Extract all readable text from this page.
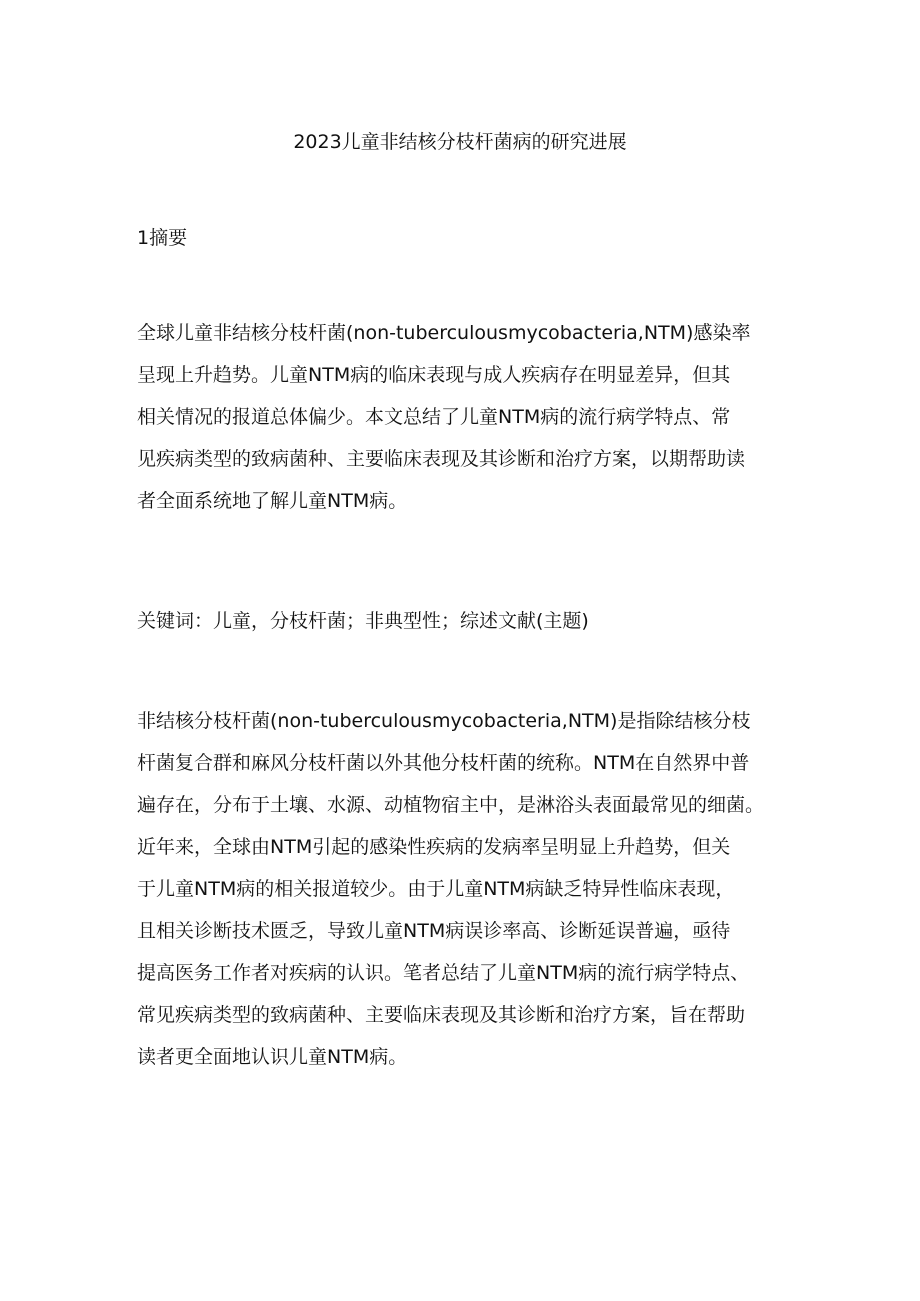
2023儿童非结核分枝杆菌病的研究进展
1摘要
全球儿童非结核分枝杆菌(non-tuberculousmycobacteria,NTM)感染率
呈现上升趋势。儿童NTM病的临床表现与成人疾病存在明显差异，但其
相关情况的报道总体偏少。本文总结了儿童NTM病的流行病学特点、常
见疾病类型的致病菌种、主要临床表现及其诊断和治疗方案，以期帮助读
者全面系统地了解儿童NTM病。
关键词：儿童，分枝杆菌；非典型性；综述文献(主题)
非结核分枝杆菌(non-tuberculousmycobacteria,NTM)是指除结核分枝
杆菌复合群和麻风分枝杆菌以外其他分枝杆菌的统称。NTM在自然界中普
遍存在，分布于土壤、水源、动植物宿主中，是淋浴头表面最常见的细菌。
近年来，全球由NTM引起的感染性疾病的发病率呈明显上升趋势，但关
于儿童NTM病的相关报道较少。由于儿童NTM病缺乏特异性临床表现，
且相关诊断技术匮乏，导致儿童NTM病误诊率高、诊断延误普遍，亟待
提高医务工作者对疾病的认识。笔者总结了儿童NTM病的流行病学特点、
常见疾病类型的致病菌种、主要临床表现及其诊断和治疗方案，旨在帮助
读者更全面地认识儿童NTM病。
